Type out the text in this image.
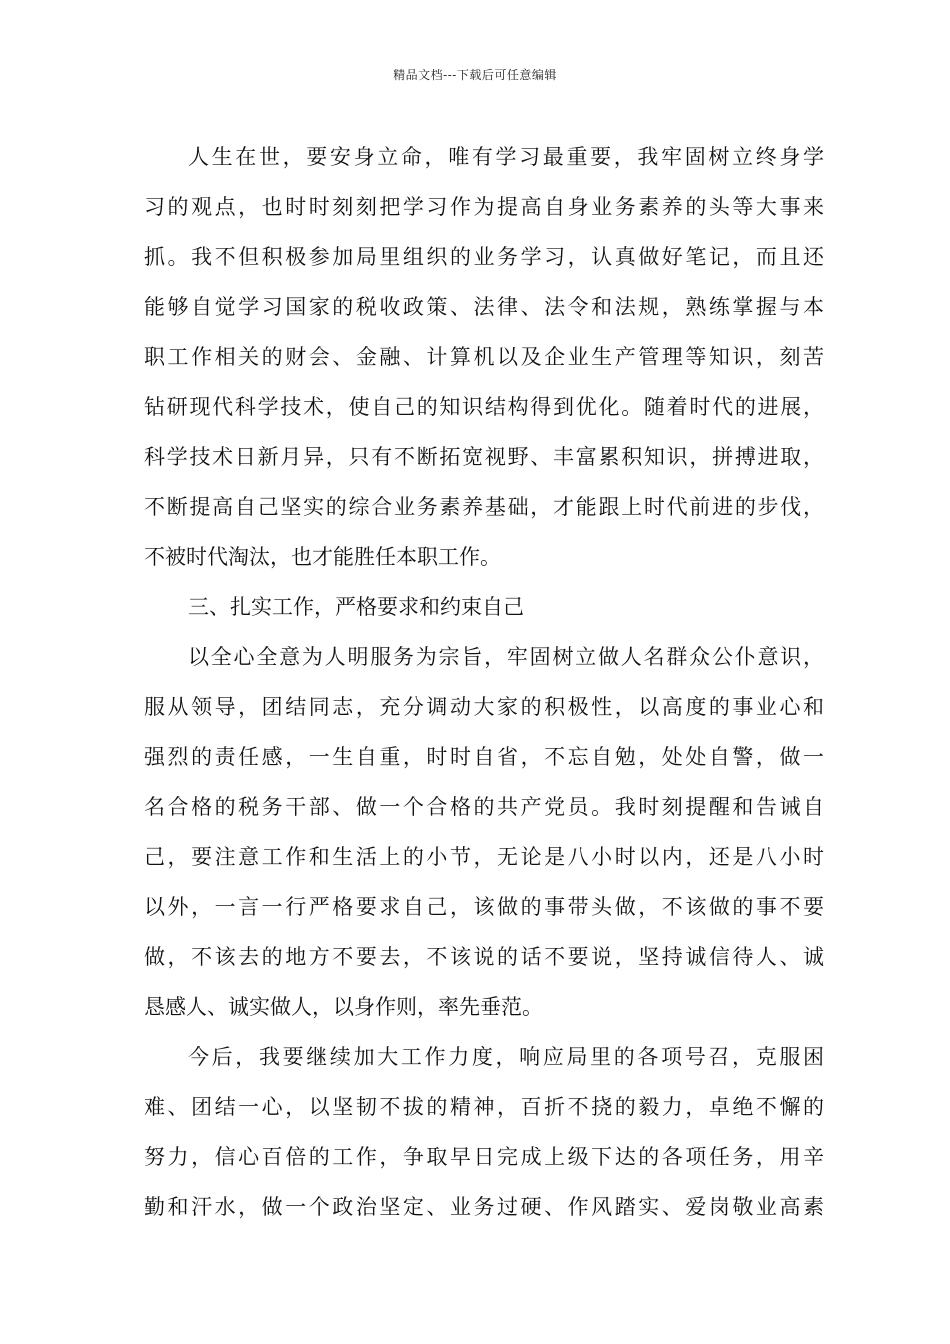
精品文档---下载后可任意编辑
人生在世，要安身立命，唯有学习最重要，我牢固树立终身学
习的观点，也时时刻刻把学习作为提高自身业务素养的头等大事来
抓。我不但积极参加局里组织的业务学习，认真做好笔记，而且还
能够自觉学习国家的税收政策、法律、法令和法规，熟练掌握与本
职工作相关的财会、金融、计算机以及企业生产管理等知识，刻苦
钻研现代科学技术，使自己的知识结构得到优化。随着时代的进展，
科学技术日新月异，只有不断拓宽视野、丰富累积知识，拼搏进取，
不断提高自己坚实的综合业务素养基础，才能跟上时代前进的步伐，
不被时代淘汰，也才能胜任本职工作。
三、扎实工作，严格要求和约束自己
以全心全意为人明服务为宗旨，牢固树立做人名群众公仆意识，
服从领导，团结同志，充分调动大家的积极性，以高度的事业心和
强烈的责任感，一生自重，时时自省，不忘自勉，处处自警，做一
名合格的税务干部、做一个合格的共产党员。我时刻提醒和告诫自
己，要注意工作和生活上的小节，无论是八小时以内，还是八小时
以外，一言一行严格要求自己，该做的事带头做，不该做的事不要
做，不该去的地方不要去，不该说的话不要说，坚持诚信待人、诚
恳感人、诚实做人，以身作则，率先垂范。
今后，我要继续加大工作力度，响应局里的各项号召，克服困
难、团结一心，以坚韧不拔的精神，百折不挠的毅力，卓绝不懈的
努力，信心百倍的工作，争取早日完成上级下达的各项任务，用辛
勤和汗水，做一个政治坚定、业务过硬、作风踏实、爱岗敬业高素
